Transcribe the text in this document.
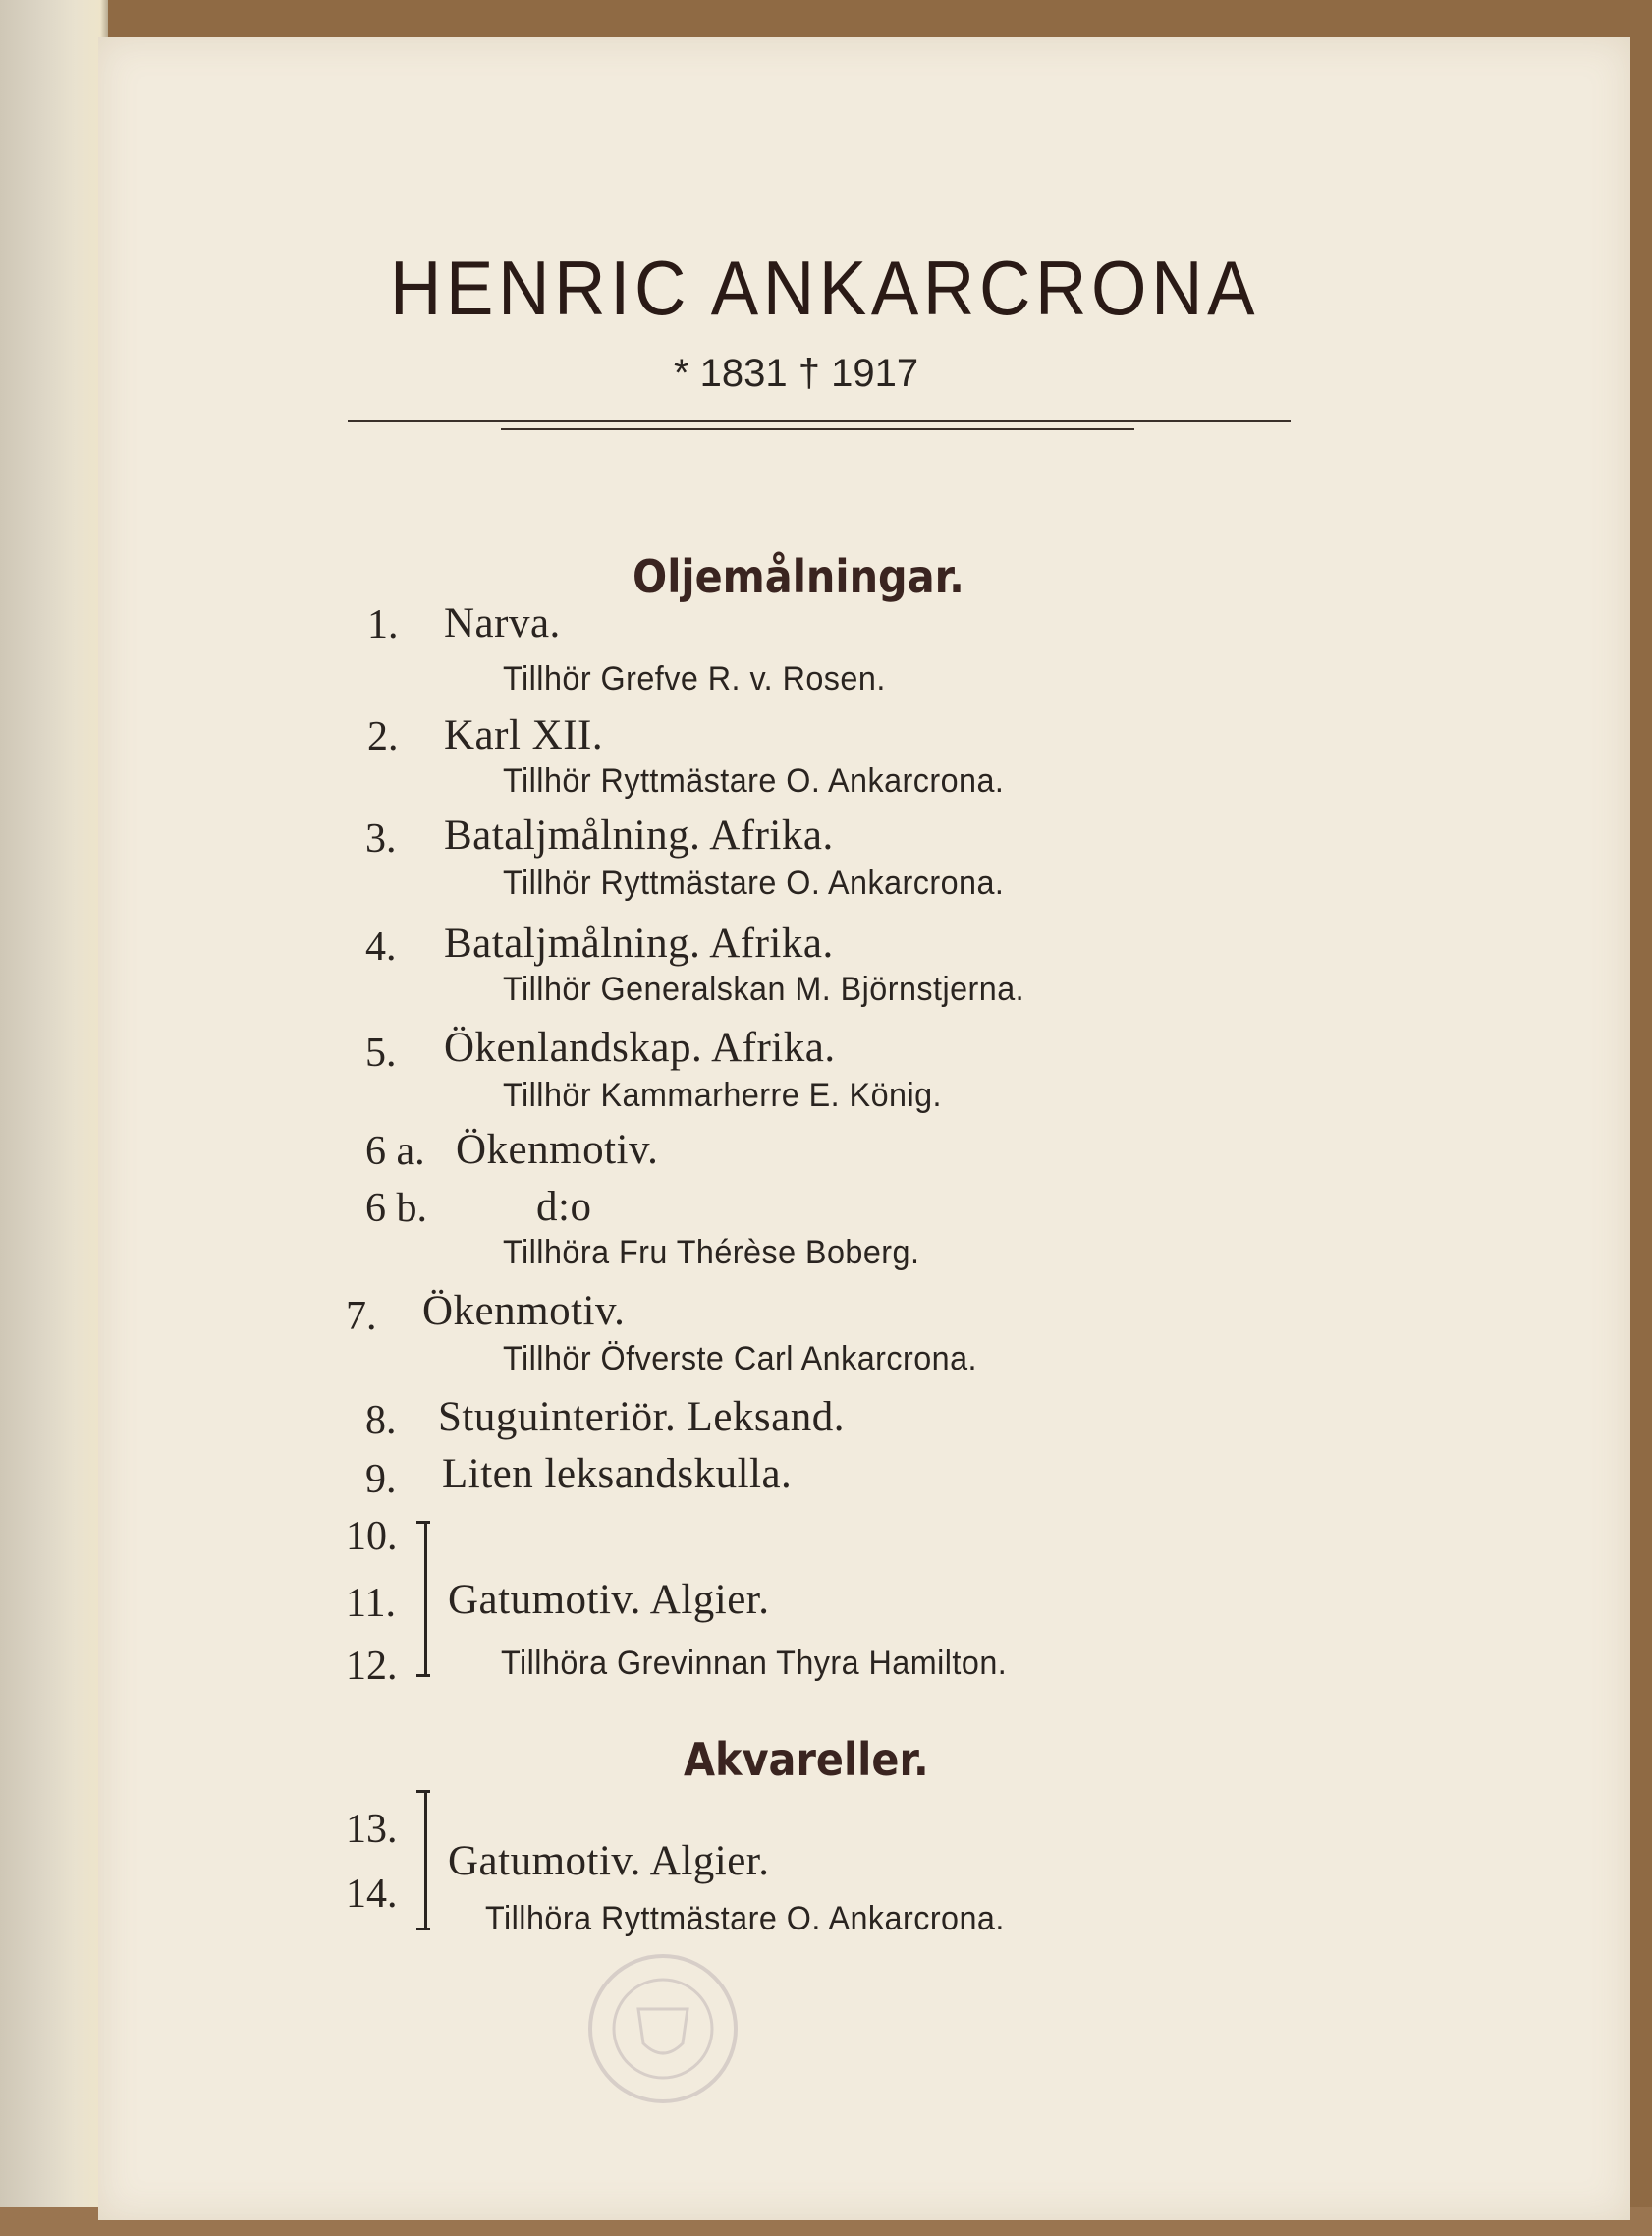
HENRIC ANKARCRONA
* 1831 † 1917
Oljemålningar.
1. Narva.
Tillhör Grefve R. v. Rosen.
2. Karl XII.
Tillhör Ryttmästare O. Ankarcrona.
3. Bataljmålning. Afrika.
Tillhör Ryttmästare O. Ankarcrona.
4. Bataljmålning. Afrika.
Tillhör Generalskan M. Björnstjerna.
5. Ökenlandskap. Afrika.
Tillhör Kammarherre E. König.
6 a. Ökenmotiv.
6 b.	d:o
Tillhöra Fru Thérèse Boberg.
7. Ökenmotiv.
Tillhör Öfverste Carl Ankarcrona.
8. Stuguinteriör. Leksand.
9. Liten leksandskulla.
10.
11.
12.
Gatumotiv. Algier.
Tillhöra Grevinnan Thyra Hamilton.
Akvareller.
13.
14.
Gatumotiv. Algier.
Tillhöra Ryttmästare O. Ankarcrona.
